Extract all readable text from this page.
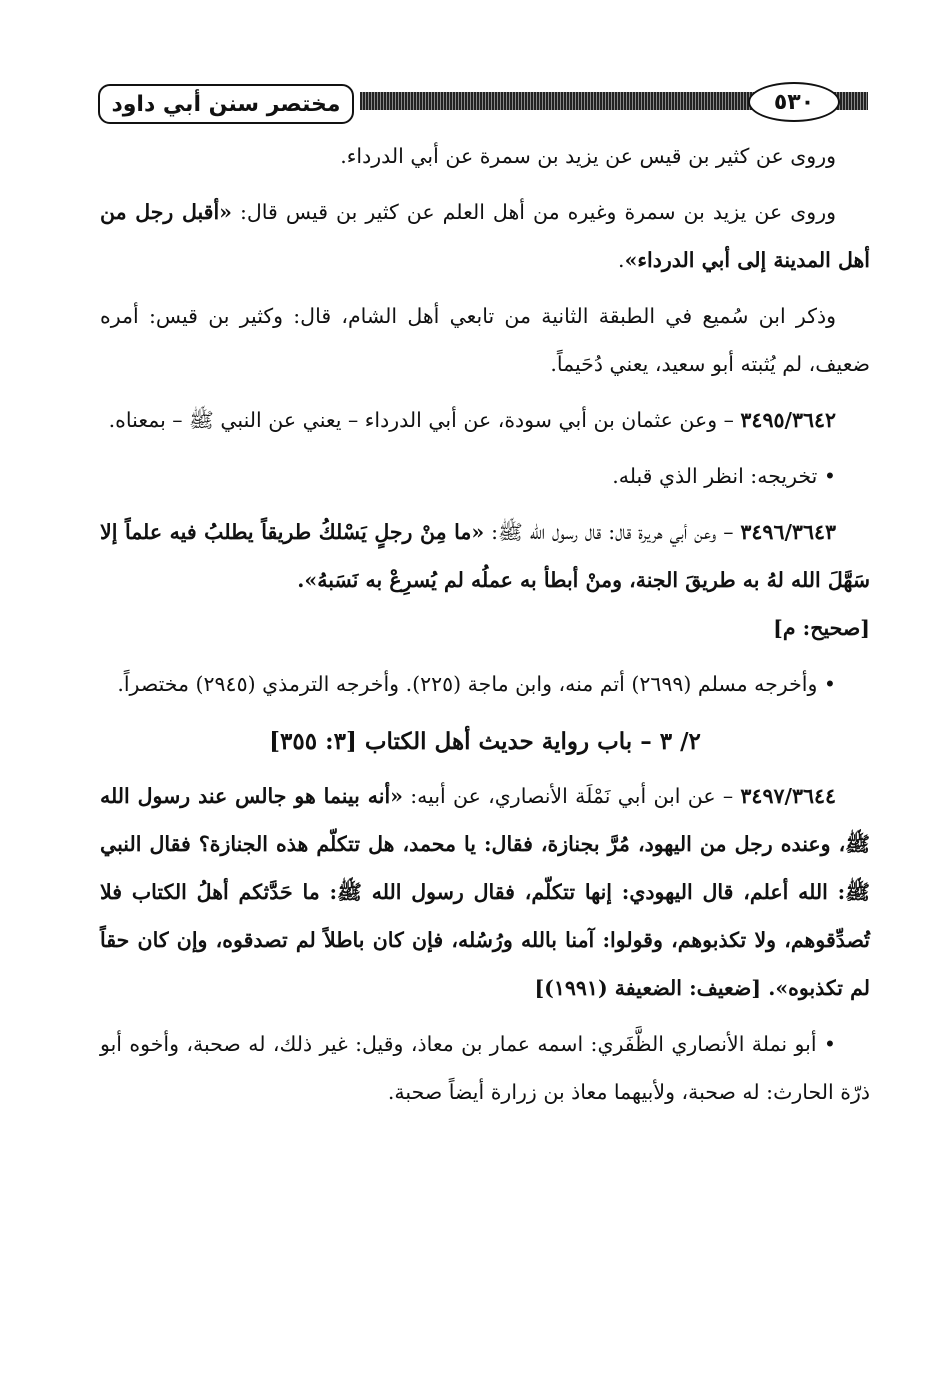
مختصر سنن أبي داود	٥٣٠

وروى عن كثير بن قيس عن يزيد بن سمرة عن أبي الدرداء.

وروى عن يزيد بن سمرة وغيره من أهل العلم عن كثير بن قيس قال: «أقبل رجل من أهل المدينة إلى أبي الدرداء».

وذكر ابن سُميع في الطبقة الثانية من تابعي أهل الشام، قال: وكثير بن قيس: أمره ضعيف، لم يُثبته أبو سعيد، يعني دُحَيماً.

٣٤٩٥/٣٦٤٢ – وعن عثمان بن أبي سودة، عن أبي الدرداء – يعني عن النبي ﷺ – بمعناه.

• تخريجه: انظر الذي قبله.

٣٤٩٦/٣٦٤٣ – وعن أبي هريرة قال: قال رسول الله ﷺ: «ما مِنْ رجلٍ يَسْلكُ طريقاً يطلبُ فيه علماً إلا سَهَّلَ الله لهُ به طريقَ الجنة، ومنْ أبطأ به عملُه لم يُسرِعْ به نَسَبهُ».
[صحيح: م]

• وأخرجه مسلم (٢٦٩٩) أتم منه، وابن ماجة (٢٢٥). وأخرجه الترمذي (٢٩٤٥) مختصراً.

٢/ ٣ – باب رواية حديث أهل الكتاب [٣: ٣٥٥]

٣٤٩٧/٣٦٤٤ – عن ابن أبي نَمْلَة الأنصاري، عن أبيه: «أنه بينما هو جالس عند رسول الله ﷺ، وعنده رجل من اليهود، مُرَّ بجنازة، فقال: يا محمد، هل تتكلّم هذه الجنازة؟ فقال النبي ﷺ: الله أعلم، قال اليهودي: إنها تتكلّم، فقال رسول الله ﷺ: ما حَدَّثكم أهلُ الكتاب فلا تُصدِّقوهم، ولا تكذبوهم، وقولوا: آمنا بالله ورُسُله، فإن كان باطلاً لم تصدقوه، وإن كان حقاً لم تكذبوه». [ضعيف: الضعيفة (١٩٩١)]

• أبو نملة الأنصاري الظَّفَري: اسمه عمار بن معاذ، وقيل: غير ذلك، له صحبة، وأخوه أبو ذرّة الحارث: له صحبة، ولأبيهما معاذ بن زرارة أيضاً صحبة.
